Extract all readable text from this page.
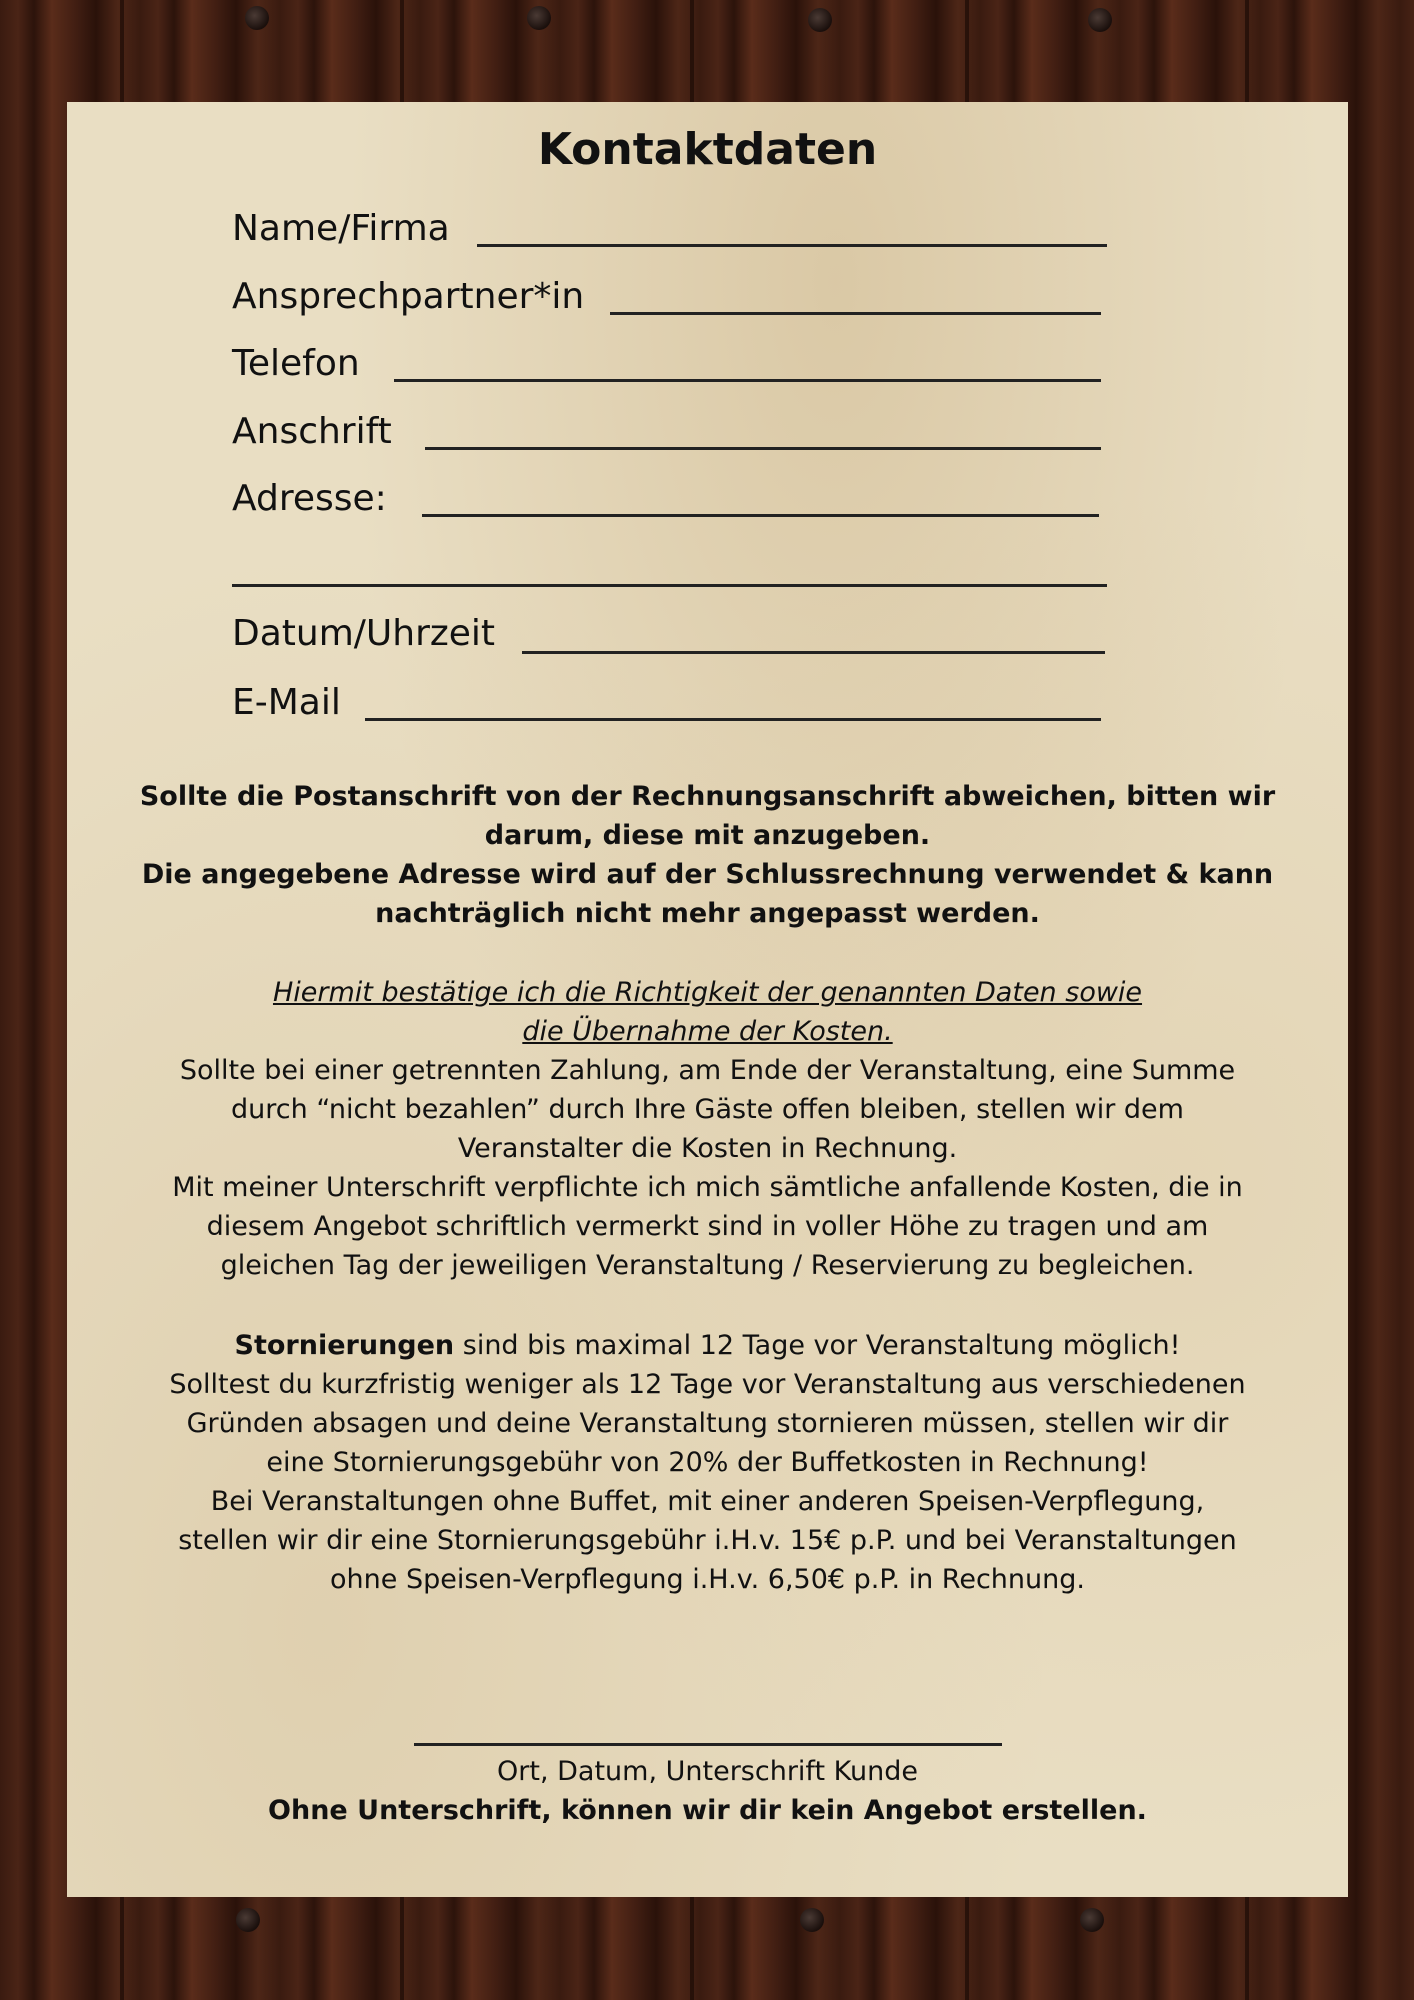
Kontaktdaten
Name/Firma
Ansprechpartner*in
Telefon
Anschrift
Adresse:
Datum/Uhrzeit
E-Mail
Sollte die Postanschrift von der Rechnungsanschrift abweichen, bitten wir
darum, diese mit anzugeben.
Die angegebene Adresse wird auf der Schlussrechnung verwendet & kann
nachträglich nicht mehr angepasst werden.
Hiermit bestätige ich die Richtigkeit der genannten Daten sowie
die Übernahme der Kosten.
Sollte bei einer getrennten Zahlung, am Ende der Veranstaltung, eine Summe
durch “nicht bezahlen” durch Ihre Gäste offen bleiben, stellen wir dem
Veranstalter die Kosten in Rechnung.
Mit meiner Unterschrift verpflichte ich mich sämtliche anfallende Kosten, die in
diesem Angebot schriftlich vermerkt sind in voller Höhe zu tragen und am
gleichen Tag der jeweiligen Veranstaltung / Reservierung zu begleichen.
Stornierungen sind bis maximal 12 Tage vor Veranstaltung möglich!
Solltest du kurzfristig weniger als 12 Tage vor Veranstaltung aus verschiedenen
Gründen absagen und deine Veranstaltung stornieren müssen, stellen wir dir
eine Stornierungsgebühr von 20% der Buffetkosten in Rechnung!
Bei Veranstaltungen ohne Buffet, mit einer anderen Speisen-Verpflegung,
stellen wir dir eine Stornierungsgebühr i.H.v. 15€ p.P. und bei Veranstaltungen
ohne Speisen-Verpflegung i.H.v. 6,50€ p.P. in Rechnung.
Ort, Datum, Unterschrift Kunde
Ohne Unterschrift, können wir dir kein Angebot erstellen.
